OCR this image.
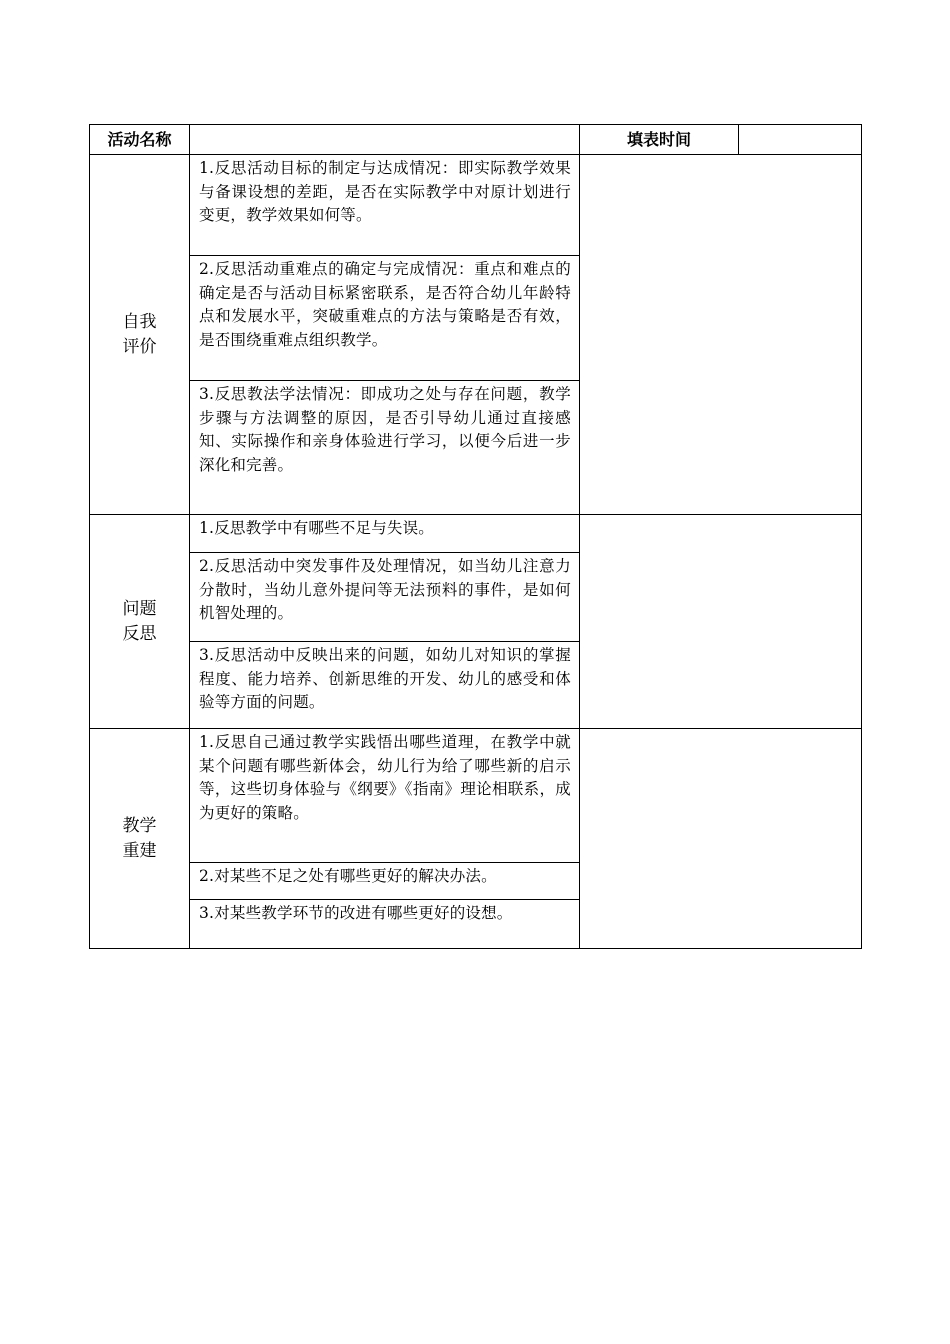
活动名称		填表时间	

自我
评价	1.反思活动目标的制定与达成情况：即实际教学效果与备课设想的差距，是否在实际教学中对原计划进行变更，教学效果如何等。		
	2.反思活动重难点的确定与完成情况：重点和难点的确定是否与活动目标紧密联系，是否符合幼儿年龄特点和发展水平，突破重难点的方法与策略是否有效，是否围绕重难点组织教学。		
	3.反思教法学法情况：即成功之处与存在问题，教学步骤与方法调整的原因，是否引导幼儿通过直接感知、实际操作和亲身体验进行学习，以便今后进一步深化和完善。		

问题
反思	1.反思教学中有哪些不足与失误。		
	2.反思活动中突发事件及处理情况，如当幼儿注意力分散时，当幼儿意外提问等无法预料的事件，是如何机智处理的。		
	3.反思活动中反映出来的问题，如幼儿对知识的掌握程度、能力培养、创新思维的开发、幼儿的感受和体验等方面的问题。		

教学
重建	1.反思自己通过教学实践悟出哪些道理，在教学中就某个问题有哪些新体会，幼儿行为给了哪些新的启示等，这些切身体验与《纲要》《指南》理论相联系，成为更好的策略。		
	2.对某些不足之处有哪些更好的解决办法。		
	3.对某些教学环节的改进有哪些更好的设想。		
